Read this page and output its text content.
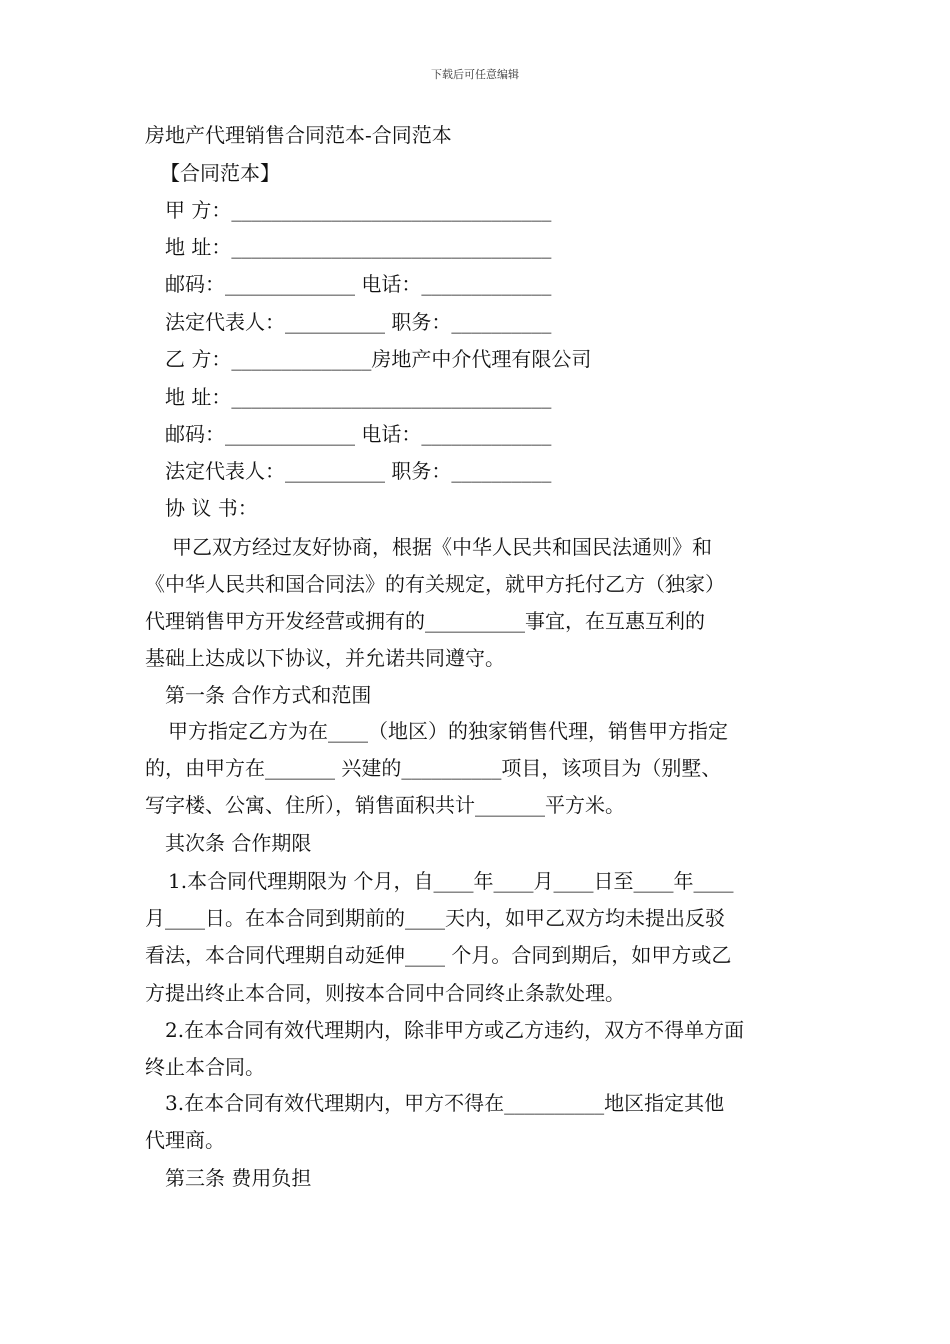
下载后可任意编辑
房地产代理销售合同范本-合同范本
【合同范本】
甲 方：________________________________
地 址：________________________________
邮码：_____________ 电话：_____________
法定代表人：__________ 职务：__________
乙 方：______________房地产中介代理有限公司
地 址：________________________________
邮码：_____________ 电话：_____________
法定代表人：__________ 职务：__________
协 议 书：
甲乙双方经过友好协商，根据《中华人民共和国民法通则》和
《中华人民共和国合同法》的有关规定，就甲方托付乙方（独家）
代理销售甲方开发经营或拥有的__________事宜，在互惠互利的
基础上达成以下协议，并允诺共同遵守。
第一条 合作方式和范围
甲方指定乙方为在____（地区）的独家销售代理，销售甲方指定
的，由甲方在_______ 兴建的__________项目，该项目为（别墅、
写字楼、公寓、住所），销售面积共计_______平方米。
其次条 合作期限
1.本合同代理期限为 个月，自____年____月____日至____年____
月____日。在本合同到期前的____天内，如甲乙双方均未提出反驳
看法，本合同代理期自动延伸____ 个月。合同到期后，如甲方或乙
方提出终止本合同，则按本合同中合同终止条款处理。
2.在本合同有效代理期内，除非甲方或乙方违约，双方不得单方面
终止本合同。
3.在本合同有效代理期内，甲方不得在__________地区指定其他
代理商。
第三条 费用负担
